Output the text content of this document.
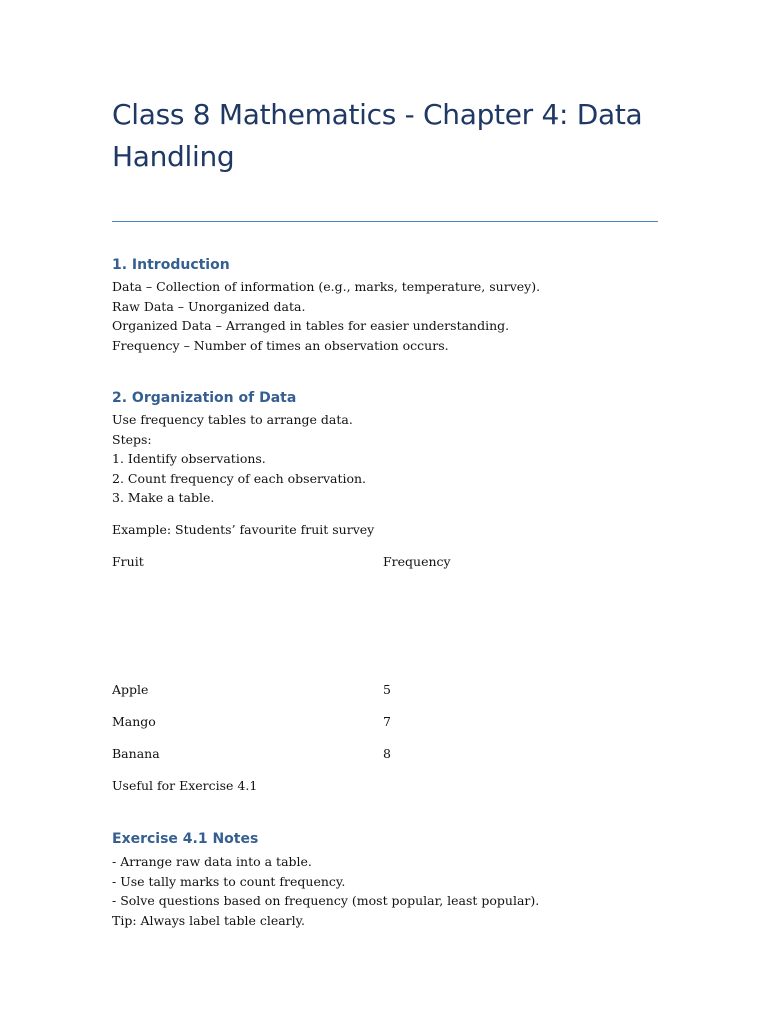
Class 8 Mathematics - Chapter 4: Data Handling
1. Introduction
Data – Collection of information (e.g., marks, temperature, survey).
Raw Data – Unorganized data.
Organized Data – Arranged in tables for easier understanding.
Frequency – Number of times an observation occurs.
2. Organization of Data
Use frequency tables to arrange data.
Steps:
1. Identify observations.
2. Count frequency of each observation.
3. Make a table.

Example: Students’ favourite fruit survey

Fruit	Frequency

Apple	5

Mango	7

Banana	8

Useful for Exercise 4.1

Exercise 4.1 Notes
- Arrange raw data into a table.
- Use tally marks to count frequency.
- Solve questions based on frequency (most popular, least popular).
Tip: Always label table clearly.
